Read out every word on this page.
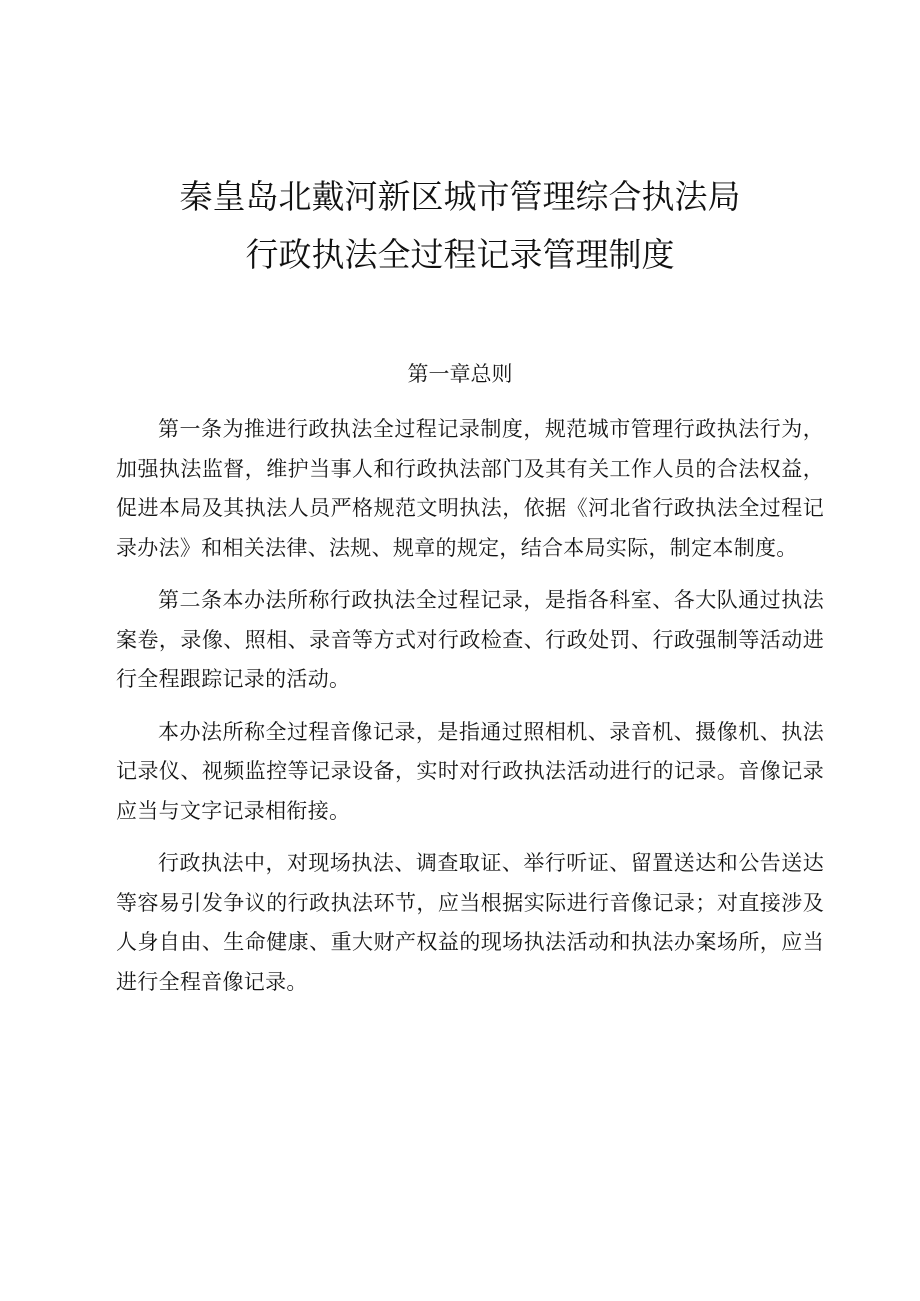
秦皇岛北戴河新区城市管理综合执法局

行政执法全过程记录管理制度

第一章总则

第一条为推进行政执法全过程记录制度，规范城市管理行政执法行为，加强执法监督，维护当事人和行政执法部门及其有关工作人员的合法权益，促进本局及其执法人员严格规范文明执法，依据《河北省行政执法全过程记录办法》和相关法律、法规、规章的规定，结合本局实际，制定本制度。

第二条本办法所称行政执法全过程记录，是指各科室、各大队通过执法案卷，录像、照相、录音等方式对行政检查、行政处罚、行政强制等活动进行全程跟踪记录的活动。

本办法所称全过程音像记录，是指通过照相机、录音机、摄像机、执法记录仪、视频监控等记录设备，实时对行政执法活动进行的记录。音像记录应当与文字记录相衔接。

行政执法中，对现场执法、调查取证、举行听证、留置送达和公告送达等容易引发争议的行政执法环节，应当根据实际进行音像记录；对直接涉及人身自由、生命健康、重大财产权益的现场执法活动和执法办案场所，应当进行全程音像记录。
